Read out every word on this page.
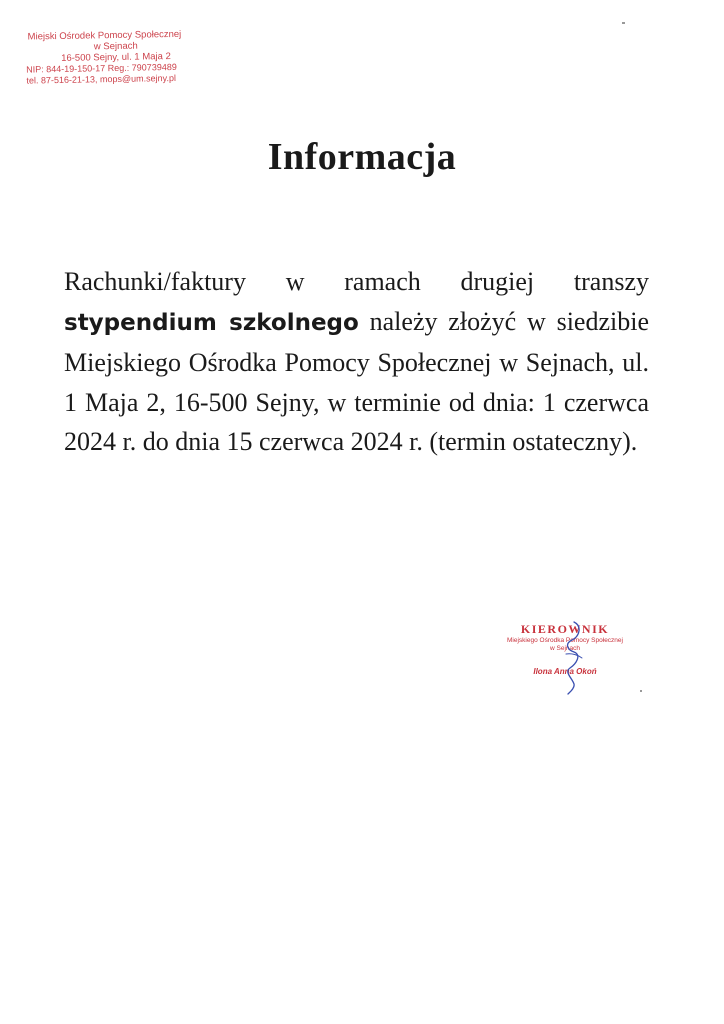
Miejski Ośrodek Pomocy Społecznej
w Sejnach
16-500 Sejny, ul. 1 Maja 2
NIP: 844-19-150-17 Reg.: 790739489
tel. 87-516-21-13, mops@um.sejny.pl
Informacja
Rachunki/faktury w ramach drugiej transzy stypendium szkolnego należy złożyć w siedzibie Miejskiego Ośrodka Pomocy Społecznej w Sejnach, ul. 1 Maja 2, 16-500 Sejny, w terminie od dnia: 1 czerwca 2024 r. do dnia 15 czerwca 2024 r. (termin ostateczny).
KIEROWNIK
Miejskiego Ośrodka Pomocy Społecznej
w Sejnach
Ilona Anna Okoń
